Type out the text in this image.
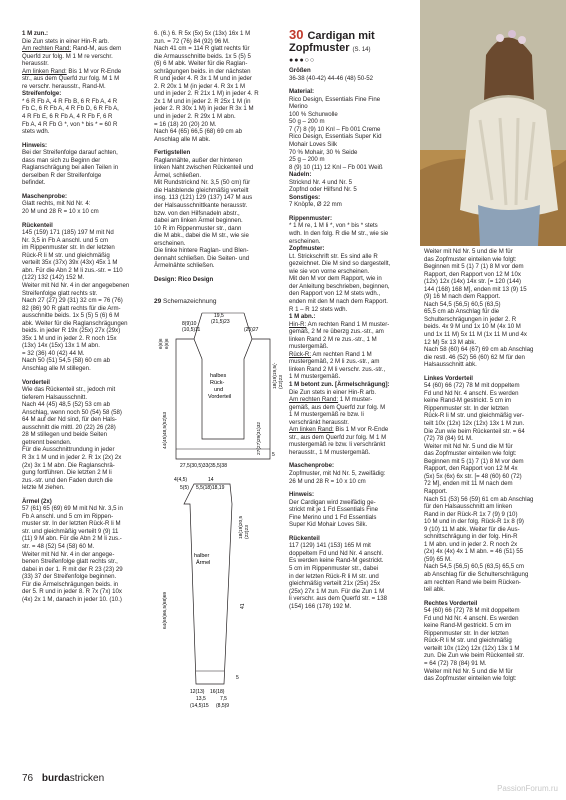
1 M zun.:

Die Zun stets in einer Hin-R arb.

Am rechten Rand: Rand-M, aus dem

Querfd zur folg. M 1 M re verschr.

herausstr.

Am linken Rand: Bis 1 M vor R-Ende

str., aus dem Querfd zur folg. M 1 M

re verschr. herausstr., Rand-M.

Streifenfolge:

* 6 R Fb A, 4 R Fb B, 6 R Fb A, 4 R

Fb C, 6 R Fb A, 4 R Fb D, 6 R Fb A,

4 R Fb E, 6 R Fb A, 4 R Fb F, 6 R

Fb A, 4 R Fb G *, von * bis * = 60 R

stets wdh.

Hinweis:

Bei der Streifenfolge darauf achten,

dass man sich zu Beginn der

Raglanschrägung bei allen Teilen in

derselben R der Streifenfolge

befindet.

Maschenprobe:

Glatt rechts, mit Nd Nr. 4:

20 M und 28 R = 10 x 10 cm

Rückenteil

145 (159) 171 (185) 197 M mit Nd

Nr. 3,5 in Fb A anschl. und 5 cm

im Rippenmuster str. In der letzten

Rück-R li M str. und gleichmäßig

verteilt 35x (37x) 39x (43x) 45x 1 M

abn. Für die Abn 2 M li zus.-str. = 110

(122) 132 (142) 152 M.

Weiter mit Nd Nr. 4 in der angegebenen

Streifenfolge glatt rechts str.

Nach 27 (27) 29 (31) 32 cm = 76 (76)

82 (86) 90 R glatt rechts für die Arm-

ausschnitte beids. 1x 5 (5) 5 (6) 6 M

abk. Weiter für die Raglanschrägungen

beids. in jeder R 19x (25x) 27x (29x)

35x 1 M und in jeder 2. R noch 15x

(13x) 14x (15x) 13x 1 M abn.

= 32 (36) 40 (42) 44 M.

Nach 50 (51) 54,5 (58) 60 cm ab

Anschlag alle M stillegen.

Vorderteil

Wie das Rückenteil str., jedoch mit

tieferem Halsausschnitt.

Nach 44 (45) 48,5 (52) 53 cm ab

Anschlag, wenn noch 50 (54) 58 (58)

64 M auf der Nd sind, für den Hals-

ausschnitt die mittl. 20 (22) 26 (28)

28 M stillegen und beide Seiten

getrennt beenden.

Für die Ausschnittrundung in jeder

R 3x 1 M und in jeder 2. R 1x (2x) 2x

(2x) 3x 1 M abn. Die Raglanschrä-

gung fortführen. Die letzten 2 M li

zus.-str. und den Faden durch die

letzte M ziehen.

Ärmel (2x)

57 (61) 65 (69) 69 M mit Nd Nr. 3,5 in

Fb A anschl. und 5 cm im Rippen-

muster str. In der letzten Rück-R li M

str. und gleichmäßig verteilt 9 (9) 11

(11) 9 M abn. Für die Abn 2 M li zus.-

str. = 48 (52) 54 (58) 60 M.

Weiter mit Nd Nr. 4 in der angege-

benen Streifenfolge glatt rechts str.,

dabei in der 1. R mit der R 23 (23) 29

(33) 37 der Streifenfolge beginnen.

Für die Ärmelschrägungen beids. in

der 5. R und in jeder 8. R 7x (7x) 10x

(4x) 2x 1 M, danach in jeder 10. (10.)

6. (6.) 6. R 5x (5x) 5x (13x) 16x 1 M

zun. = 72 (76) 84 (92) 96 M.

Nach 41 cm = 114 R glatt rechts für

die Armausschnitte beids. 1x 5 (5) 5

(6) 6 M abk. Weiter für die Raglan-

schrägungen beids. in der nächsten

R und jeder 4. R 3x 1 M und in jeder

2. R 20x 1 M (in jeder 4. R 3x 1 M

und in jeder 2. R 21x 1 M) in jeder 4. R

2x 1 M und in jeder 2. R 25x 1 M (in

jeder 2. R 30x 1 M) in jeder R 3x 1 M

und in jeder 2. R 29x 1 M abn.

= 16 (18) 20 (20) 20 M.

Nach 64 (65) 66,5 (68) 69 cm ab

Anschlag alle M abk.

Fertigstellen

Raglannähte, außer der hinteren

linken Naht zwischen Rückenteil und

Ärmel, schließen.

Mit Rundstricknd Nr. 3,5 (50 cm) für

die Halsblende gleichmäßig verteilt

insg. 113 (121) 129 (137) 147 M aus

der Halsausschnittkante herausstr.

bzw. von den Hilfsnadeln abstr.,

dabei am linken Ärmel beginnen.

10 R im Rippenmuster str., dann

die M abk., dabei die M str., wie sie

erscheinen.

Die linke hintere Raglan- und Blen-

dennaht schließen. Die Seiten- und

Ärmelnähte schließen.

Design: Rico Design

29 Schemazeichnung
19,5
(21,5)23
8(9)10
(10,5)11	(25)27
halbes
Rück-
und
Vorderteil
6(6)6 6(6)6
44(45)48,5(52)53
18(19)19,5(- (22)23
27(27)29(31)32
27,5(30,5)33(35,5)38
5
4(4,5)
5(5)
14
5,5(18)18,19
halber
Ärmel
64(65)66,5(68)69
18(19)20,5 (22)23
41
5
12(13) 16(18)
13,5
(14,5)15
7,5
(8,5)9
30 Cardigan mit
Zopfmuster (S. 14)
●●●○○

Größen

36-38 (40-42) 44-46 (48) 50-52

Material:

Rico Design, Essentials Fine Fine

Merino

100 % Schurwolle

50 g – 200 m

7 (7) 8 (9) 10 Knl – Fb 001 Creme

Rico Design, Essentials Super Kid

Mohair Loves Silk

70 % Mohair, 30 % Seide

25 g – 200 m

8 (9) 10 (11) 12 Knl – Fb 001 Weiß

Nadeln:

Stricknd Nr. 4 und Nr. 5

Zopfnd oder Hilfsnd Nr. 5

Sonstiges:

7 Knöpfe, Ø 22 mm

Rippenmuster:

* 1 M re, 1 M li *, von * bis * stets

wdh. In den folg. R die M str., wie sie

erscheinen.

Zopfmuster:

Lt. Strickschrift str. Es sind alle R

gezeichnet. Die M sind so dargestellt,

wie sie von vorne erscheinen.

Mit den M vor dem Rapport, wie in

der Anleitung beschrieben, beginnen,

den Rapport von 12 M stets wdh.,

enden mit den M nach dem Rapport.

R 1 – R 12 stets wdh.

1 M abn.:

Hin-R: Am rechten Rand 1 M muster-

gemäß, 2 M re überzg zus.-str., am

linken Rand 2 M re zus.-str., 1 M

mustergemäß.

Rück-R: Am rechten Rand 1 M

mustergemäß, 2 M li zus.-str., am

linken Rand 2 M li verschr. zus.-str.,

1 M mustergemäß.

1 M betont zun. [Ärmelschrägung]:

Die Zun stets in einer Hin-R arb.

Am rechten Rand: 1 M muster-

gemäß, aus dem Querfd zur folg. M

1 M mustergemäß re bzw. li

verschränkt herausstr.

Am linken Rand: Bis 1 M vor R-Ende

str., aus dem Querfd zur folg. M 1 M

mustergemäß re bzw. li verschränkt

herausstr., 1 M mustergemäß.

Maschenprobe:

Zopfmuster, mit Nd Nr. 5, zweifädig:

26 M und 28 R = 10 x 10 cm

Hinweis:

Der Cardigan wird zweifädig ge-

strickt mit je 1 Fd Essentials Fine

Fine Merino und 1 Fd Essentials

Super Kid Mohair Loves Silk.

Rückenteil

117 (129) 141 (153) 165 M mit

doppeltem Fd und Nd Nr. 4 anschl.

Es werden keine Rand-M gestrickt.

5 cm im Rippenmuster str., dabei

in der letzten Rück-R li M str. und

gleichmäßig verteilt 21x (25x) 25x

(25x) 27x 1 M zun. Für die Zun 1 M

li verschr. aus dem Querfd str. = 138

(154) 166 (178) 192 M.

Weiter mit Nd Nr. 5 und die M für

das Zopfmuster einteilen wie folgt:

Beginnen mit 5 (1) 7 (1) 8 M vor dem

Rapport, den Rapport von 12 M 10x

(12x) 12x (14x) 14x str. [= 120 (144)

144 (168) 168 M], enden mit 13 (9) 15

(9) 16 M nach dem Rapport.

Nach 54,5 (56,5) 60,5 (63,5)

65,5 cm ab Anschlag für die

Schulterschrägungen in jeder 2. R

beids. 4x 9 M und 1x 10 M (4x 10 M

und 1x 11 M) 5x 11 M (1x 11 M und 4x

12 M) 5x 13 M abk.

Nach 58 (60) 64 (67) 69 cm ab Anschlag

die restl. 46 (52) 56 (60) 62 M für den

Halsausschnitt abk.

Linkes Vorderteil

54 (60) 66 (72) 78 M mit doppeltem

Fd und Nd Nr. 4 anschl. Es werden

keine Rand-M gestrickt. 5 cm im

Rippenmuster str. In der letzten

Rück-R li M str. und gleichmäßig ver-

teilt 10x (12x) 12x (12x) 13x 1 M zun.

Die Zun wie beim Rückenteil str. = 64

(72) 78 (84) 91 M.

Weiter mit Nd Nr. 5 und die M für

das Zopfmuster einteilen wie folgt:

Beginnen mit 5 (1) 7 (1) 8 M vor dem

Rapport, den Rapport von 12 M 4x

(5x) 5x (6x) 6x str. [= 48 (60) 60 (72)

72 M], enden mit 11 M nach dem

Rapport.

Nach 51 (53) 56 (59) 61 cm ab Anschlag

für den Halsausschnitt am linken

Rand in der Rück-R 1x 7 (9) 9 (10)

10 M und in der folg. Rück-R 1x 8 (9)

9 (10) 11 M abk. Weiter für die Aus-

schnittschrägung in der folg. Hin-R

1 M abn. und in jeder 2. R noch 2x

(2x) 4x (4x) 4x 1 M abn. = 46 (51) 55

(59) 65 M.

Nach 54,5 (56,5) 60,5 (63,5) 65,5 cm

ab Anschlag für die Schulterschrägung

am rechten Rand wie beim Rücken-

teil abk.

Rechtes Vorderteil

54 (60) 66 (72) 78 M mit doppeltem

Fd und Nd Nr. 4 anschl. Es werden

keine Rand-M gestrickt. 5 cm im

Rippenmuster str. In der letzten

Rück-R li M str. und gleichmäßig

verteilt 10x (12x) 12x (12x) 13x 1 M

zun. Die Zun wie beim Rückenteil str.

= 64 (72) 78 (84) 91 M.

Weiter mit Nd Nr. 5 und die M für

das Zopfmuster einteilen wie folgt:

76 burdastricken
PassionForum.ru
